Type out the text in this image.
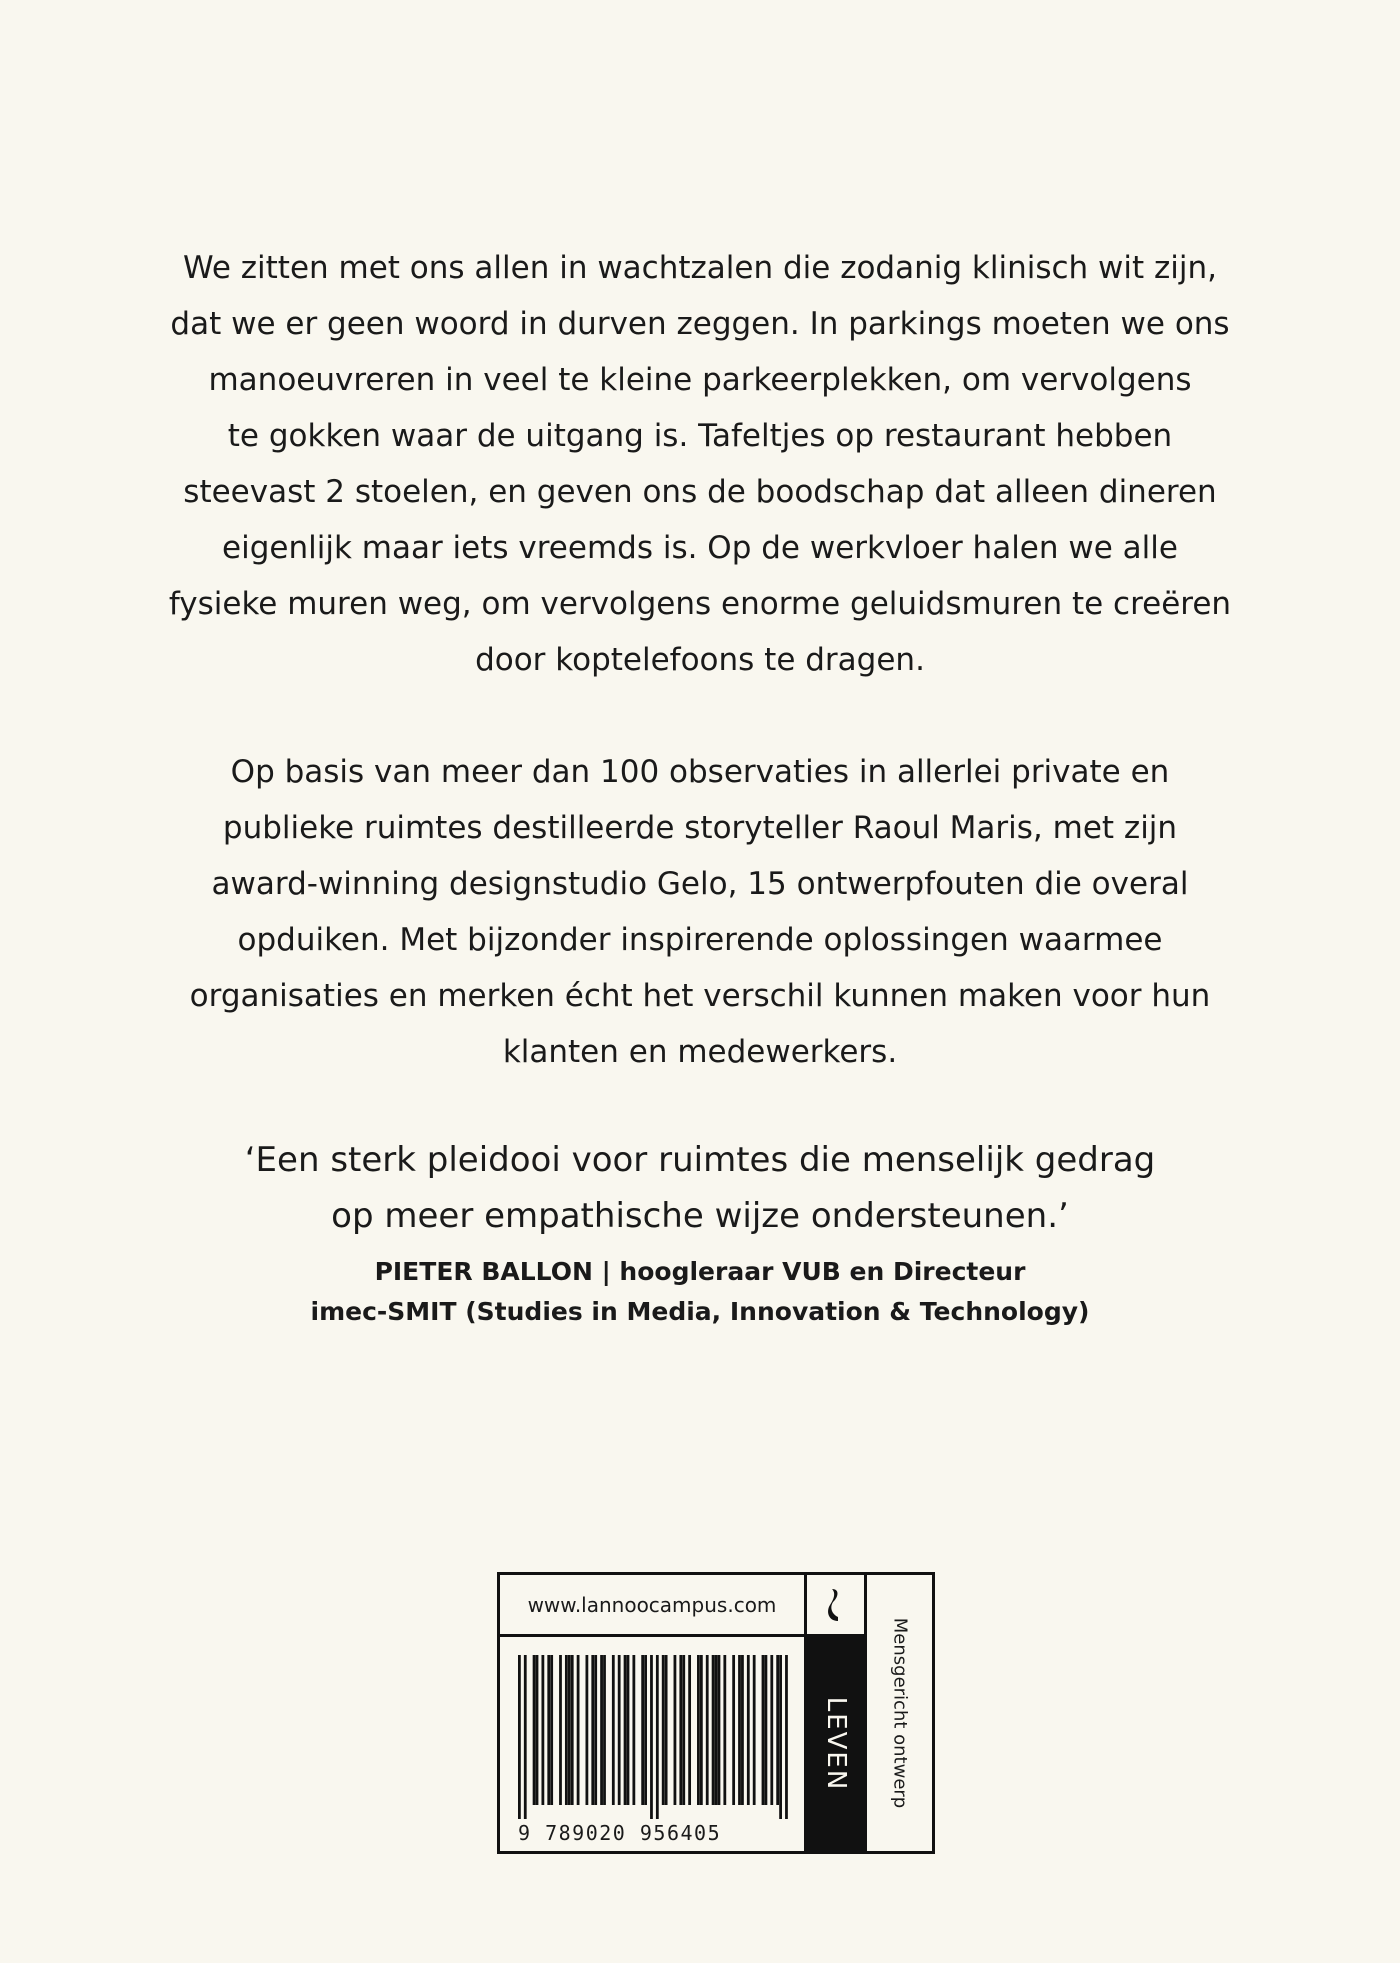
We zitten met ons allen in wachtzalen die zodanig klinisch wit zijn,
dat we er geen woord in durven zeggen. In parkings moeten we ons
manoeuvreren in veel te kleine parkeerplekken, om vervolgens
te gokken waar de uitgang is. Tafeltjes op restaurant hebben
steevast 2 stoelen, en geven ons de boodschap dat alleen dineren
eigenlijk maar iets vreemds is. Op de werkvloer halen we alle
fysieke muren weg, om vervolgens enorme geluidsmuren te creëren
door koptelefoons te dragen.

Op basis van meer dan 100 observaties in allerlei private en
publieke ruimtes destilleerde storyteller Raoul Maris, met zijn
award-winning designstudio Gelo, 15 ontwerpfouten die overal
opduiken. Met bijzonder inspirerende oplossingen waarmee
organisaties en merken écht het verschil kunnen maken voor hun
klanten en medewerkers.

‘Een sterk pleidooi voor ruimtes die menselijk gedrag
op meer empathische wijze ondersteunen.’
PIETER BALLON | hoogleraar VUB en Directeur
imec-SMIT (Studies in Media, Innovation & Technology)
www.lannoocampus.com
9 789020 956405
LEVEN Mensgericht ontwerp
